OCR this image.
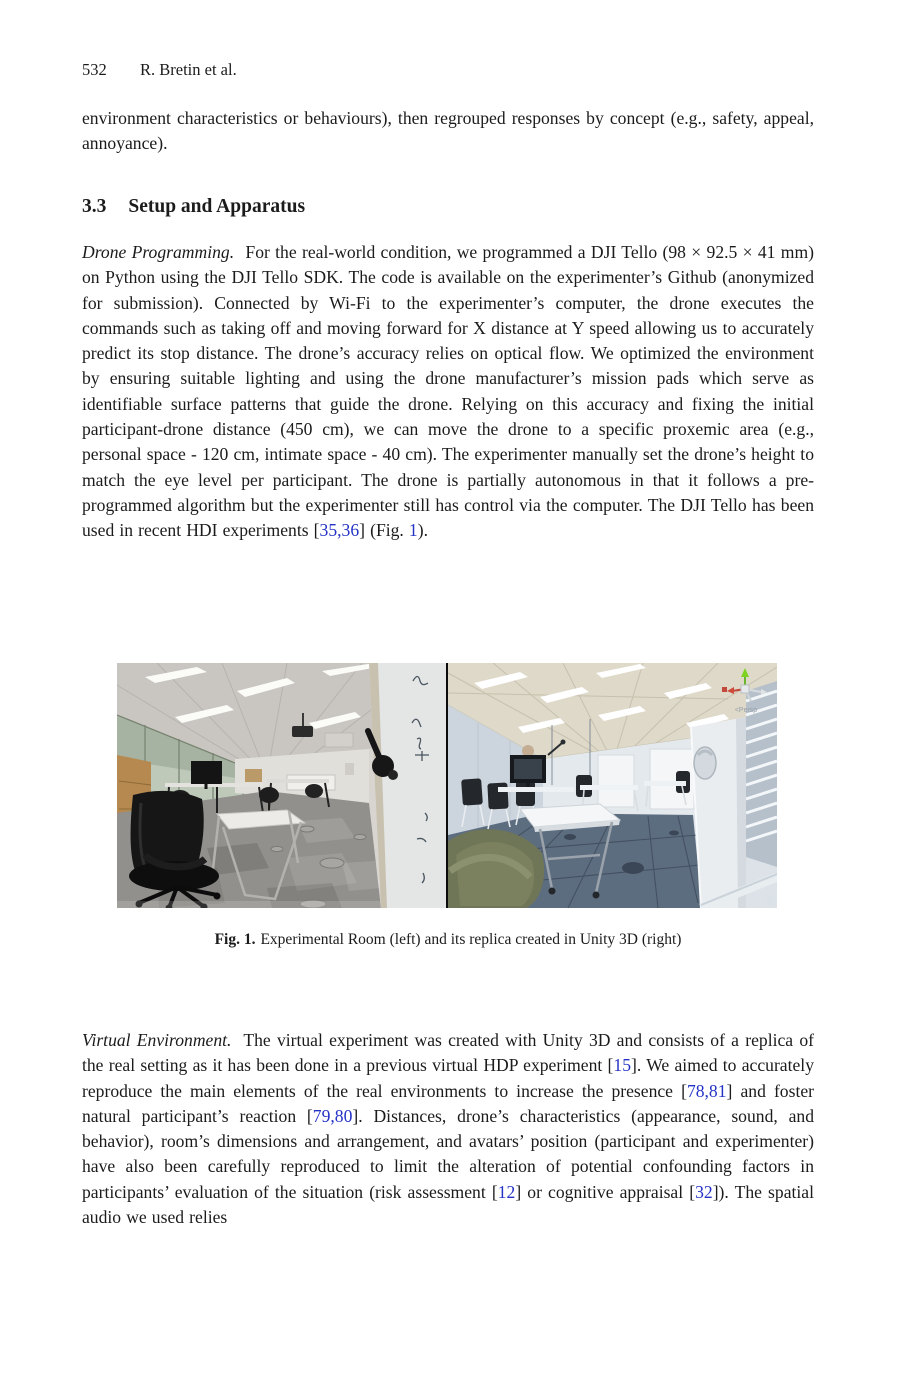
532	R. Bretin et al.
environment characteristics or behaviours), then regrouped responses by concept (e.g., safety, appeal, annoyance).
3.3 Setup and Apparatus
Drone Programming. For the real-world condition, we programmed a DJI Tello (98 × 92.5 × 41 mm) on Python using the DJI Tello SDK. The code is available on the experimenter’s Github (anonymized for submission). Connected by Wi-Fi to the experimenter’s computer, the drone executes the commands such as taking off and moving forward for X distance at Y speed allowing us to accurately predict its stop distance. The drone’s accuracy relies on optical flow. We optimized the environment by ensuring suitable lighting and using the drone manufacturer’s mission pads which serve as identifiable surface patterns that guide the drone. Relying on this accuracy and fixing the initial participant-drone distance (450 cm), we can move the drone to a specific proxemic area (e.g., personal space - 120 cm, intimate space - 40 cm). The experimenter manually set the drone’s height to match the eye level per participant. The drone is partially autonomous in that it follows a pre-programmed algorithm but the experimenter still has control via the computer. The DJI Tello has been used in recent HDI experiments [35,36] (Fig. 1).
<Persp
Fig. 1. Experimental Room (left) and its replica created in Unity 3D (right)
Virtual Environment. The virtual experiment was created with Unity 3D and consists of a replica of the real setting as it has been done in a previous virtual HDP experiment [15]. We aimed to accurately reproduce the main elements of the real environments to increase the presence [78,81] and foster natural participant’s reaction [79,80]. Distances, drone’s characteristics (appearance, sound, and behavior), room’s dimensions and arrangement, and avatars’ position (participant and experimenter) have also been carefully reproduced to limit the alteration of potential confounding factors in participants’ evaluation of the situation (risk assessment [12] or cognitive appraisal [32]). The spatial audio we used relies
